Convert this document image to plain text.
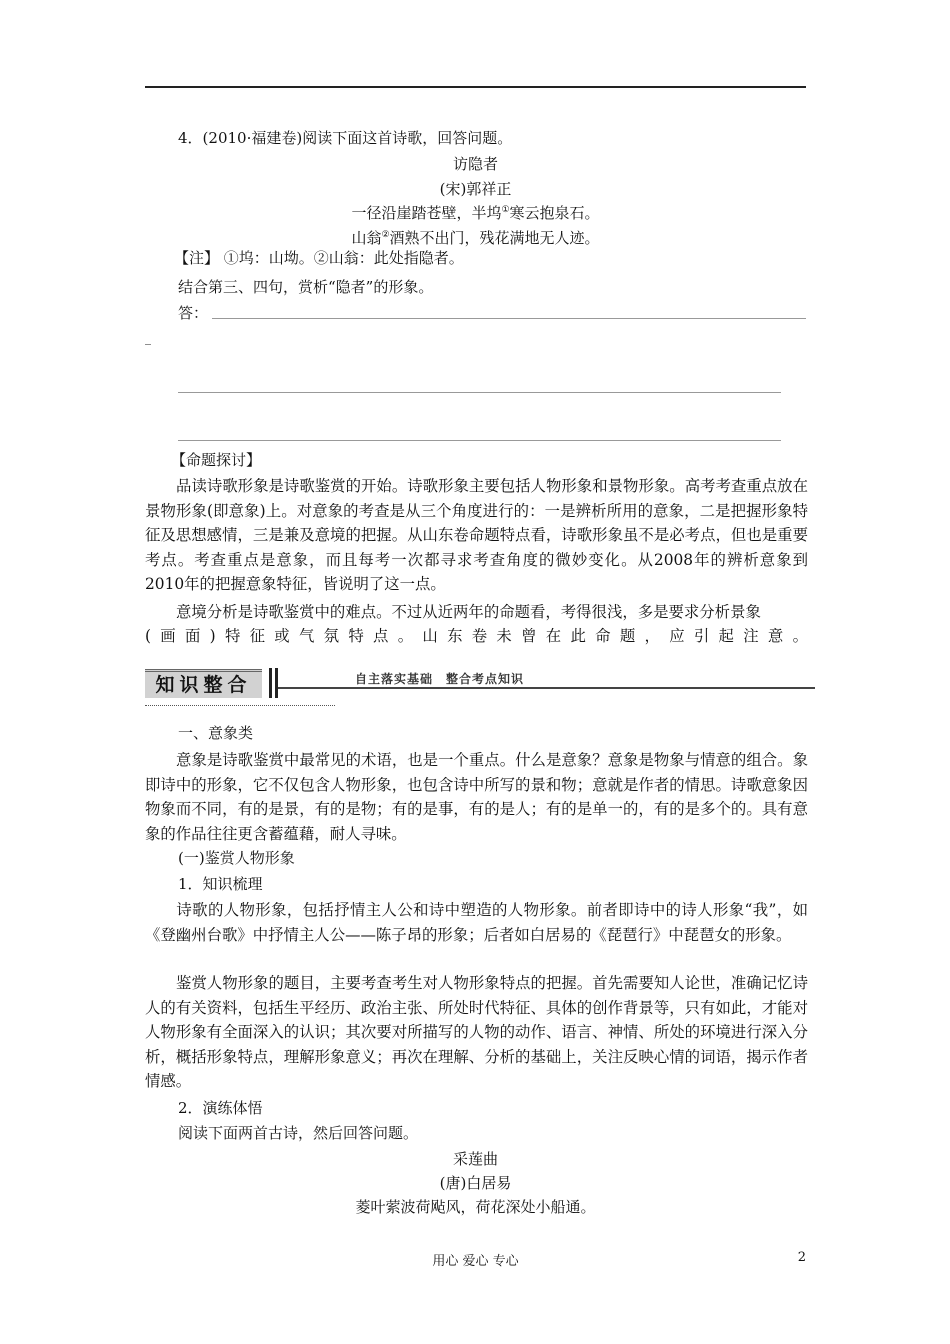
4．(2010·福建卷)阅读下面这首诗歌，回答问题。
访隐者
(宋)郭祥正
一径沿崖踏苍壁，半坞①寒云抱泉石。
山翁②酒熟不出门，残花满地无人迹。
【注】 ①坞：山坳。②山翁：此处指隐者。
结合第三、四句，赏析“隐者”的形象。
答：
_
【命题探讨】
品读诗歌形象是诗歌鉴赏的开始。诗歌形象主要包括人物形象和景物形象。高考考查重点放在景物形象(即意象)上。对意象的考查是从三个角度进行的：一是辨析所用的意象，二是把握形象特征及思想感情，三是兼及意境的把握。从山东卷命题特点看，诗歌形象虽不是必考点，但也是重要考点。考查重点是意象，而且每考一次都寻求考查角度的微妙变化。从2008年的辨析意象到2010年的把握意象特征，皆说明了这一点。
意境分析是诗歌鉴赏中的难点。不过从近两年的命题看，考得很浅，多是要求分析景象
(画面)特征或气氛特点。山东卷未曾在此命题，应引起注意。
知识整合	自主落实基础　整合考点知识
一、意象类
意象是诗歌鉴赏中最常见的术语，也是一个重点。什么是意象？意象是物象与情意的组合。象即诗中的形象，它不仅包含人物形象，也包含诗中所写的景和物；意就是作者的情思。诗歌意象因物象而不同，有的是景，有的是物；有的是事，有的是人；有的是单一的，有的是多个的。具有意象的作品往往更含蓄蕴藉，耐人寻味。
(一)鉴赏人物形象
1．知识梳理
诗歌的人物形象，包括抒情主人公和诗中塑造的人物形象。前者即诗中的诗人形象“我”，如《登幽州台歌》中抒情主人公——陈子昂的形象；后者如白居易的《琵琶行》中琵琶女的形象。
鉴赏人物形象的题目，主要考查考生对人物形象特点的把握。首先需要知人论世，准确记忆诗人的有关资料，包括生平经历、政治主张、所处时代特征、具体的创作背景等，只有如此，才能对人物形象有全面深入的认识；其次要对所描写的人物的动作、语言、神情、所处的环境进行深入分析，概括形象特点，理解形象意义；再次在理解、分析的基础上，关注反映心情的词语，揭示作者情感。
2．演练体悟
阅读下面两首古诗，然后回答问题。
采莲曲
(唐)白居易
菱叶萦波荷飐风，荷花深处小船通。
用心 爱心 专心	2
